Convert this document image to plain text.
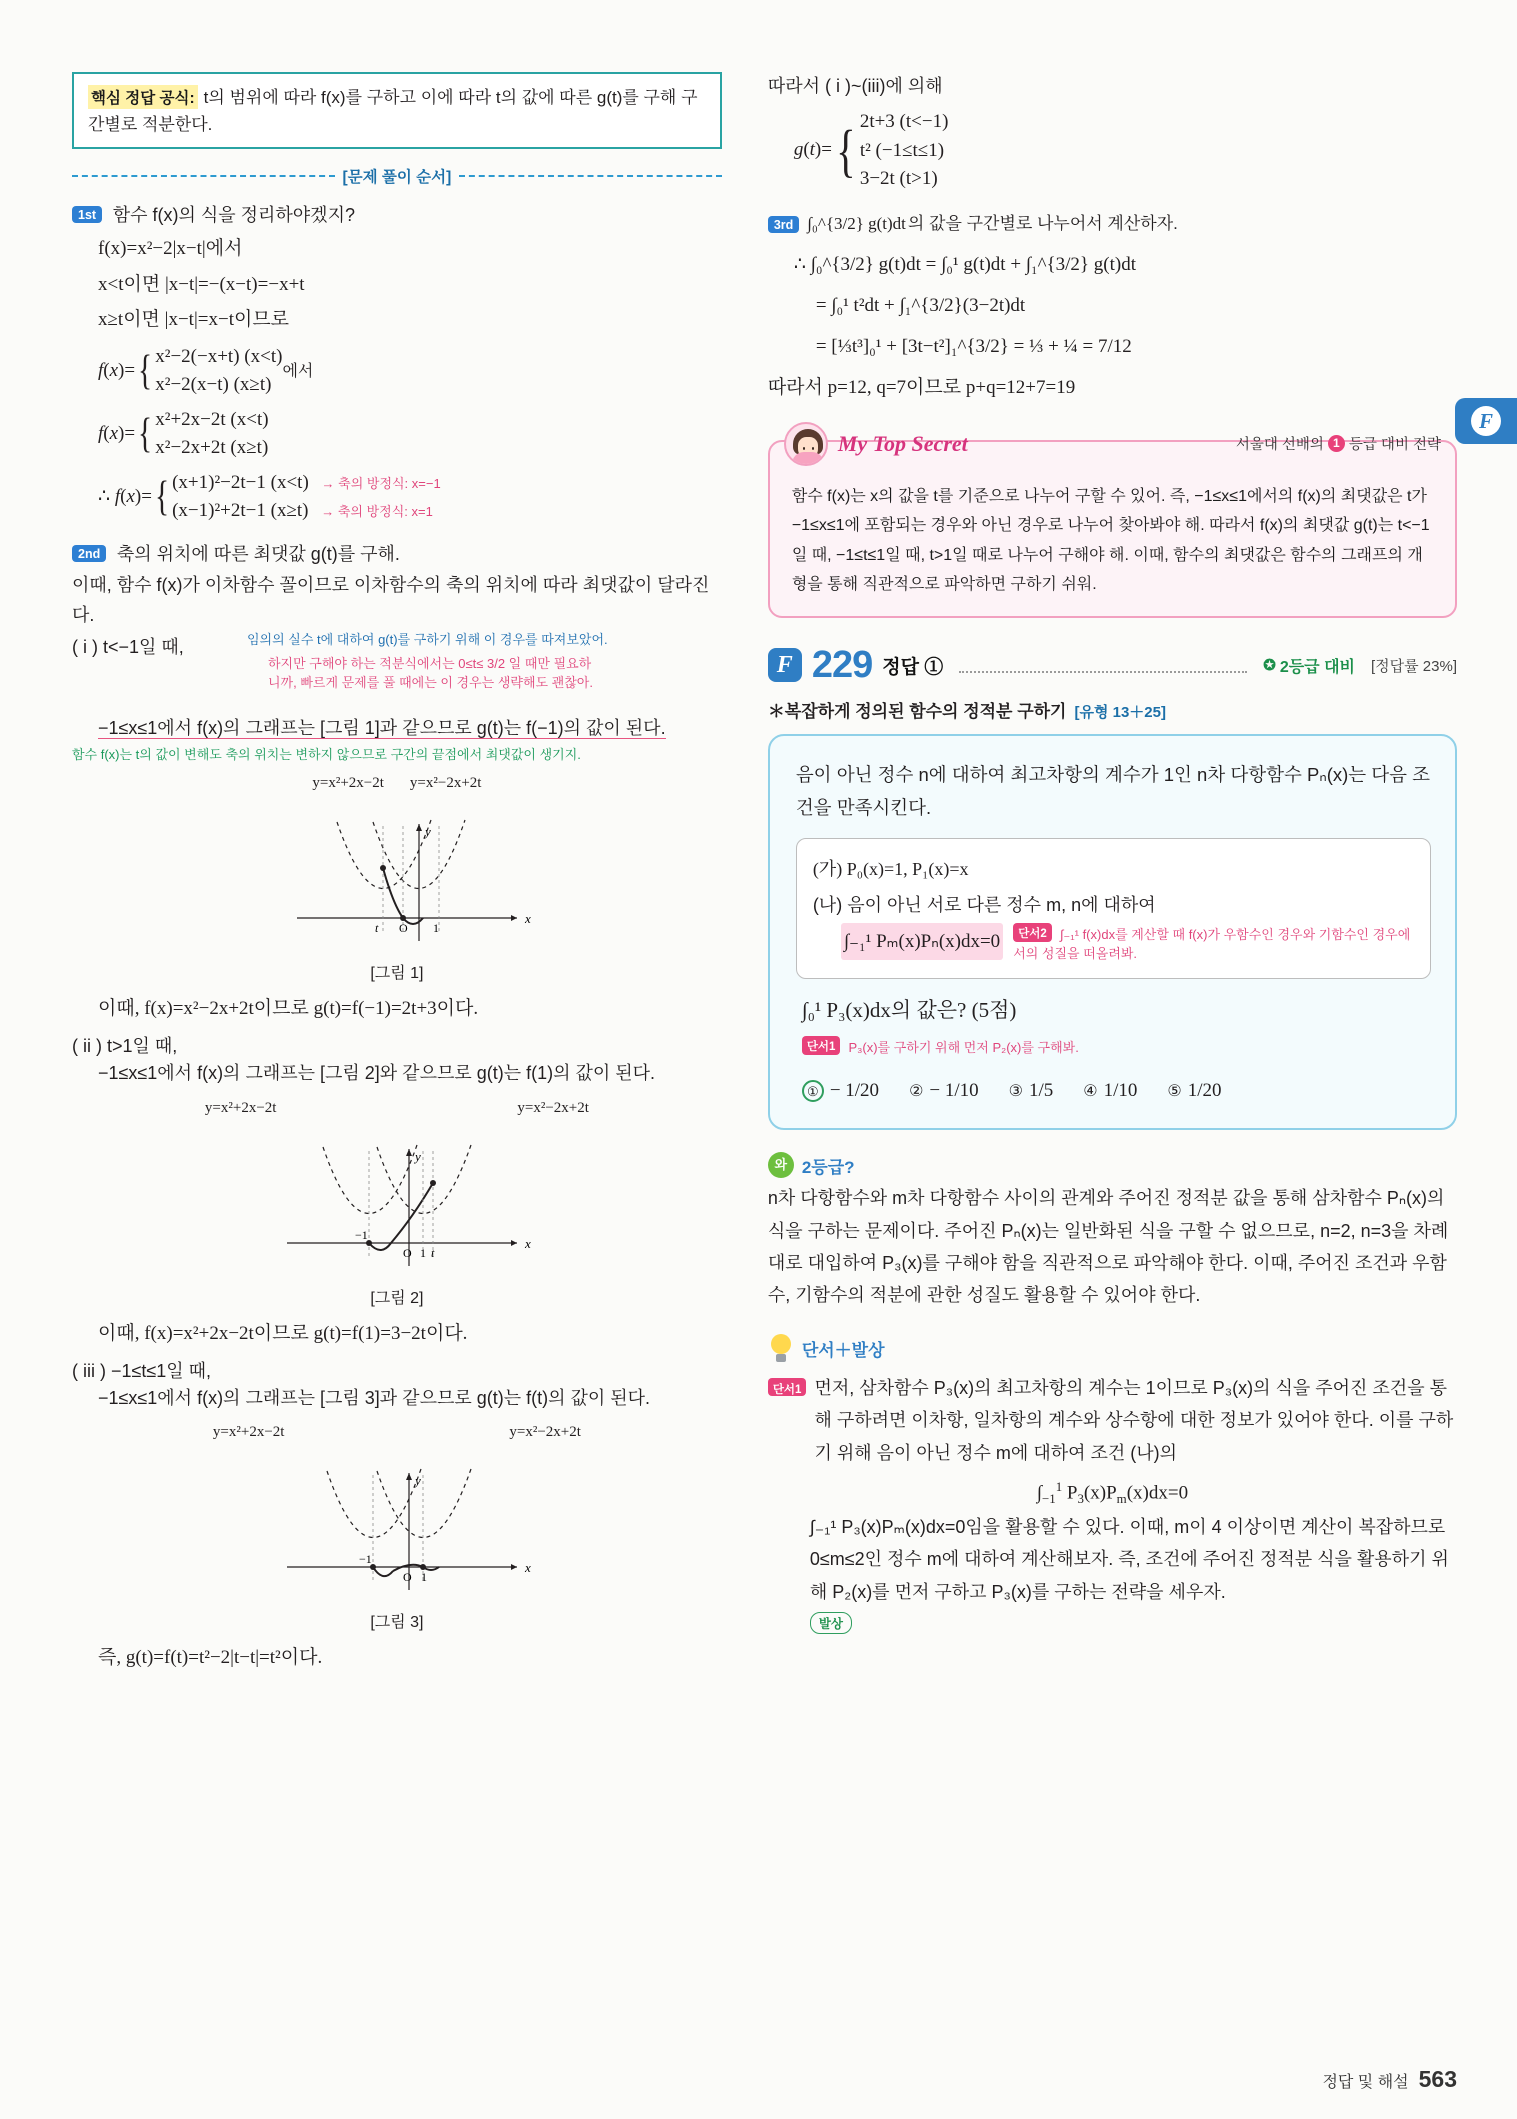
F
핵심 정답 공식: t의 범위에 따라 f(x)를 구하고 이에 따라 t의 값에 따른 g(t)를 구해 구간별로 적분한다.
[문제 풀이 순서]
1st 함수 f(x)의 식을 정리하야겠지?
f(x)=x²−2|x−t|에서
x<t이면 |x−t|=−(x−t)=−x+t
x≥t이면 |x−t|=x−t이므로
f(x)= { x²−2(−x+t) (x<t)
x²−2(x−t) (x≥t)
에서
f(x)= { x²+2x−2t (x<t)
x²−2x+2t (x≥t)
∴ f(x)= { (x+1)²−2t−1 (x<t) → 축의 방정식: x=−1
(x−1)²+2t−1 (x≥t) → 축의 방정식: x=1
2nd 축의 위치에 따른 최댓값 g(t)를 구해.
이때, 함수 f(x)가 이차함수 꼴이므로 이차함수의 축의 위치에 따라 최댓값이 달라진다.
( i ) t<−1일 때,	임의의 실수 t에 대하여 g(t)를 구하기 위해 이 경우를 따져보았어.
하지만 구해야 하는 적분식에서는 0≤t≤ 3/2 일 때만 필요하니까, 빠르게 문제를 풀 때에는 이 경우는 생략해도 괜찮아.
−1≤x≤1에서 f(x)의 그래프는 [그림 1]과 같으므로 g(t)는 f(−1)의 값이 된다.
함수 f(x)는 t의 값이 변해도 축의 위치는 변하지 않으므로 구간의 끝점에서 최댓값이 생기지.
y=x²+2x−2t y=x²−2x+2t
t O 1
x
y
[그림 1]
이때, f(x)=x²−2x+2t이므로 g(t)=f(−1)=2t+3이다.
( ii ) t>1일 때,
−1≤x≤1에서 f(x)의 그래프는 [그림 2]와 같으므로 g(t)는 f(1)의 값이 된다.
y=x²+2x−2t	y=x²−2x+2t
−1
O 1 t
x
y
[그림 2]
이때, f(x)=x²+2x−2t이므로 g(t)=f(1)=3−2t이다.
( iii ) −1≤t≤1일 때,
−1≤x≤1에서 f(x)의 그래프는 [그림 3]과 같으므로 g(t)는 f(t)의 값이 된다.
y=x²+2x−2t	y=x²−2x+2t
−1
O 1
x
y
[그림 3]
즉, g(t)=f(t)=t²−2|t−t|=t²이다.
따라서 ( i )~(iii)에 의해
g(t)= { 2t+3 (t<−1)
t² (−1≤t≤1)
3−2t (t>1)
3rd ∫₀^{3/2} g(t)dt 의 값을 구간별로 나누어서 계산하자.
∴ ∫₀^{3/2} g(t)dt = ∫₀¹ g(t)dt + ∫₁^{3/2} g(t)dt
= ∫₀¹ t²dt + ∫₁^{3/2}(3−2t)dt
= [⅓t³]₀¹ + [3t−t²]₁^{3/2} = ⅓ + ¼ = 7/12
따라서 p=12, q=7이므로 p+q=12+7=19
My Top Secret	서울대 선배의 1 등급 대비 전략
함수 f(x)는 x의 값을 t를 기준으로 나누어 구할 수 있어. 즉, −1≤x≤1에서의 f(x)의 최댓값은 t가 −1≤x≤1에 포함되는 경우와 아닌 경우로 나누어 찾아봐야 해. 따라서 f(x)의 최댓값 g(t)는 t<−1일 때, −1≤t≤1일 때, t>1일 때로 나누어 구해야 해. 이때, 함수의 최댓값은 함수의 그래프의 개형을 통해 직관적으로 파악하면 구하기 쉬워.
F 229 정답 ①	✪ 2등급 대비 [정답률 23%]
＊복잡하게 정의된 함수의 정적분 구하기 [유형 13＋25]
음이 아닌 정수 n에 대하여 최고차항의 계수가 1인 n차 다항함수 Pₙ(x)는 다음 조건을 만족시킨다.
(가) P₀(x)=1, P₁(x)=x
(나) 음이 아닌 서로 다른 정수 m, n에 대하여
∫₋₁¹ Pₘ(x)Pₙ(x)dx=0	단서2 ∫₋₁¹ f(x)dx를 계산할 때 f(x)가 우함수인 경우와 기함수인 경우에서의 성질을 떠올려봐.
∫₀¹ P₃(x)dx의 값은? (5점)
단서1 P₃(x)를 구하기 위해 먼저 P₂(x)를 구해봐.
① − 1/20 ② − 1/10 ③ 1/5 ④ 1/10 ⑤ 1/20
와 2등급?
n차 다항함수와 m차 다항함수 사이의 관계와 주어진 정적분 값을 통해 삼차함수 Pₙ(x)의 식을 구하는 문제이다. 주어진 Pₙ(x)는 일반화된 식을 구할 수 없으므로, n=2, n=3을 차례대로 대입하여 P₃(x)를 구해야 함을 직관적으로 파악해야 한다. 이때, 주어진 조건과 우함수, 기함수의 적분에 관한 성질도 활용할 수 있어야 한다.
단서＋발상
단서1 먼저, 삼차함수 P₃(x)의 최고차항의 계수는 1이므로 P₃(x)의 식을 주어진 조건을 통해 구하려면 이차항, 일차항의 계수와 상수항에 대한 정보가 있어야 한다. 이를 구하기 위해 음이 아닌 정수 m에 대하여 조건 (나)의
$\int_{-1}^1$ $P_3(x)P_m(x)dx=0$
∫₋₁¹ P₃(x)Pₘ(x)dx=0임을 활용할 수 있다. 이때, m이 4 이상이면 계산이 복잡하므로 0≤m≤2인 정수 m에 대하여 계산해보자. 즉, 조건에 주어진 정적분 식을 활용하기 위해 P₂(x)를 먼저 구하고 P₃(x)를 구하는 전략을 세우자.
발상
정답 및 해설 563
